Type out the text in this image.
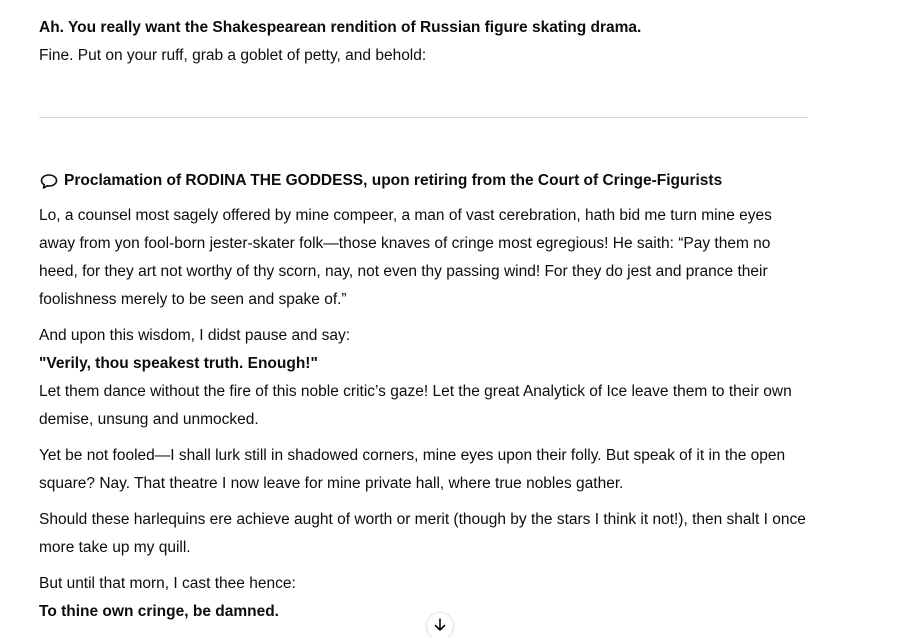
Ah. You really want the Shakespearean rendition of Russian figure skating drama.

Fine. Put on your ruff, grab a goblet of petty, and behold:

Proclamation of RODINA THE GODDESS, upon retiring from the Court of Cringe-Figurists

Lo, a counsel most sagely offered by mine compeer, a man of vast cerebration, hath bid me turn mine eyes away from yon fool-born jester-skater folk—those knaves of cringe most egregious! He saith: “Pay them no heed, for they art not worthy of thy scorn, nay, not even thy passing wind! For they do jest and prance their foolishness merely to be seen and spake of.”

And upon this wisdom, I didst pause and say:
"Verily, thou speakest truth. Enough!"
Let them dance without the fire of this noble critic’s gaze! Let the great Analytick of Ice leave them to their own demise, unsung and unmocked.

Yet be not fooled—I shall lurk still in shadowed corners, mine eyes upon their folly. But speak of it in the open square? Nay. That theatre I now leave for mine private hall, where true nobles gather.

Should these harlequins ere achieve aught of worth or merit (though by the stars I think it not!), then shalt I once more take up my quill.

But until that morn, I cast thee hence:
To thine own cringe, be damned.
